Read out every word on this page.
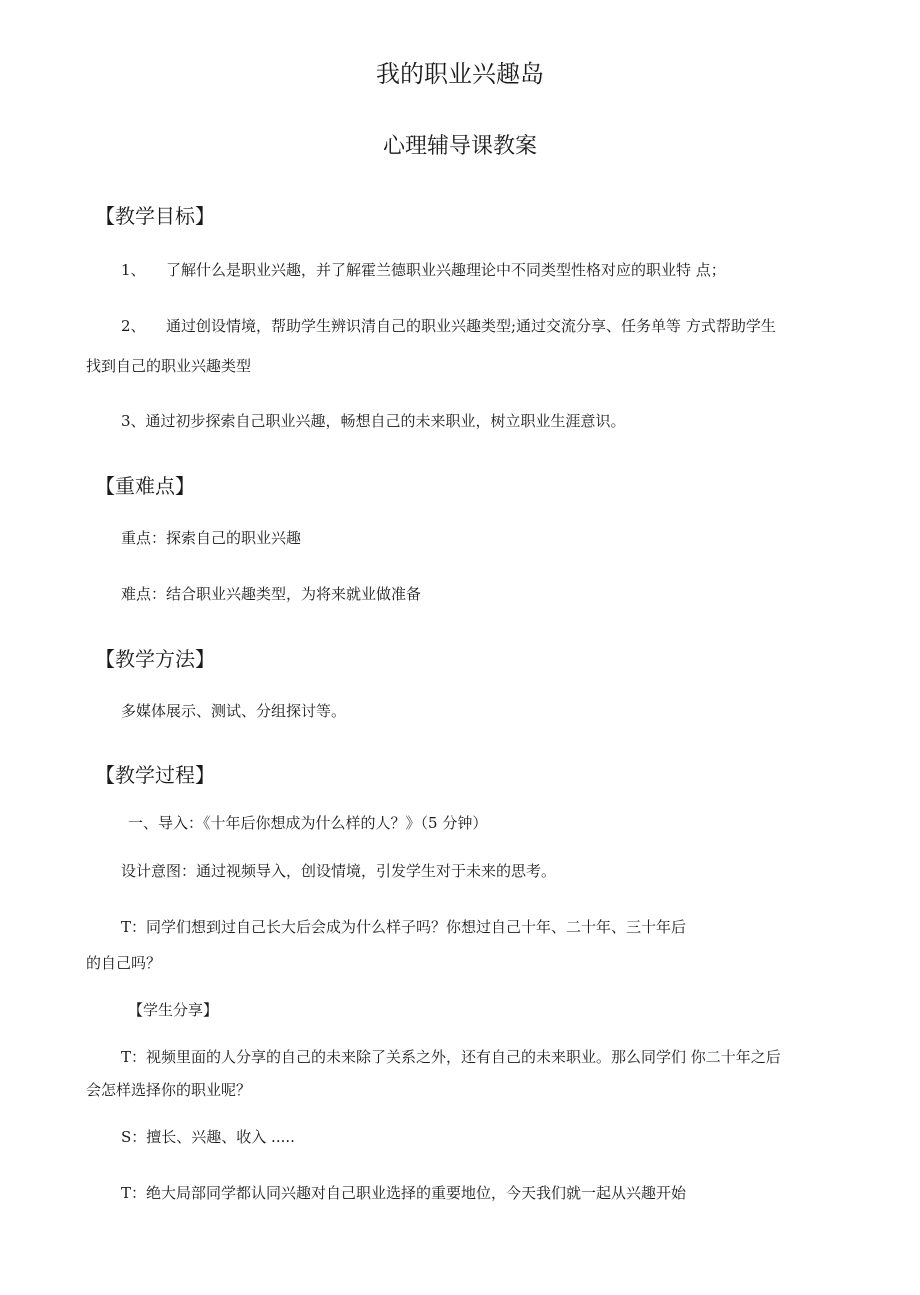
我的职业兴趣岛
心理辅导课教案
【教学目标】
1、 了解什么是职业兴趣，并了解霍兰德职业兴趣理论中不同类型性格对应的职业特 点；
2、 通过创设情境，帮助学生辨识清自己的职业兴趣类型;通过交流分享、任务单等 方式帮助学生
找到自己的职业兴趣类型
3、通过初步探索自己职业兴趣，畅想自己的未来职业，树立职业生涯意识。
【重难点】
重点：探索自己的职业兴趣
难点：结合职业兴趣类型，为将来就业做准备
【教学方法】
多媒体展示、测试、分组探讨等。
【教学过程】
一、导入：《十年后你想成为什么样的人？》（5 分钟）
设计意图：通过视频导入，创设情境，引发学生对于未来的思考。
T：同学们想到过自己长大后会成为什么样子吗？你想过自己十年、二十年、三十年后
的自己吗？
【学生分享】
T：视频里面的人分享的自己的未来除了关系之外，还有自己的未来职业。那么同学们 你二十年之后
会怎样选择你的职业呢？
S：擅长、兴趣、收入 .....
T：绝大局部同学都认同兴趣对自己职业选择的重要地位，今天我们就一起从兴趣开始
